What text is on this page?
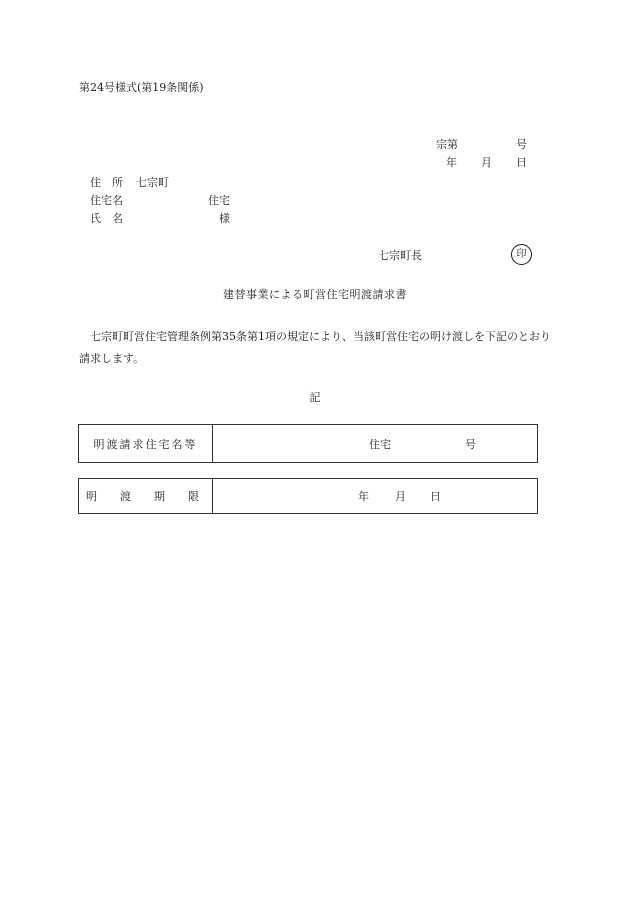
第24号様式(第19条関係)
宗第	号
年 月 日
住　所 七宗町
住宅名	住宅
氏　名	様
七宗町長	印
建替事業による町営住宅明渡請求書
七宗町町営住宅管理条例第35条第1項の規定により、当該町営住宅の明け渡しを下記のとおり請求します。
記
明渡請求住宅名等	住宅	号
明　渡　期　限	年 月 日
